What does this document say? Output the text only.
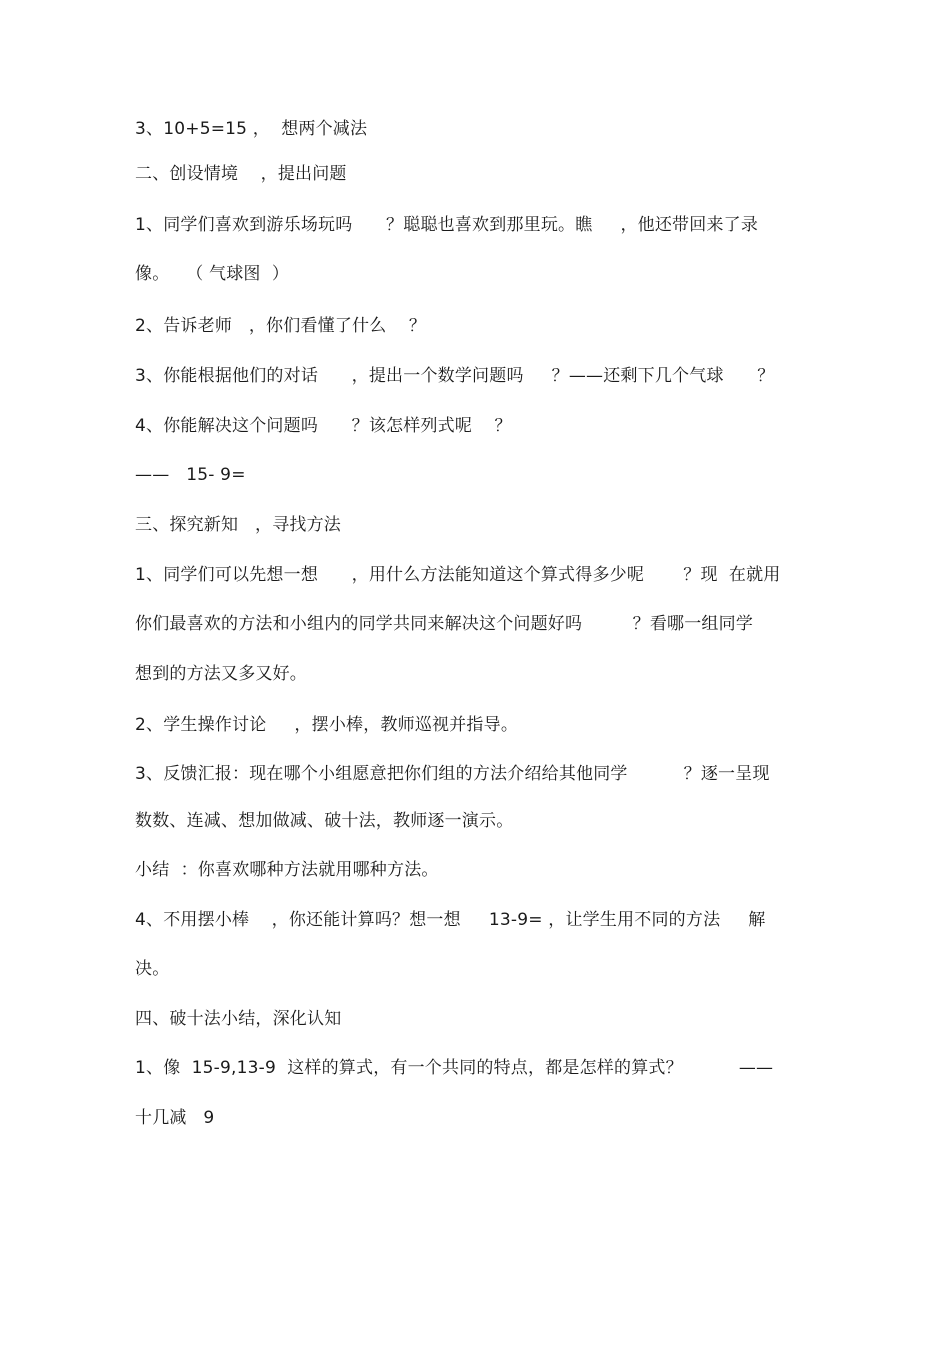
3、10+5=15 ，  想两个减法
二、创设情境    ，提出问题
1、同学们喜欢到游乐场玩吗      ？聪聪也喜欢到那里玩。瞧     ，他还带回来了录
像。   （ 气球图  ）
2、告诉老师   ，你们看懂了什么    ？
3、你能根据他们的对话      ，提出一个数学问题吗     ？——还剩下几个气球      ？
4、你能解决这个问题吗      ？该怎样列式呢    ？
——   15- 9=
三、探究新知   ，寻找方法
1、同学们可以先想一想      ，用什么方法能知道这个算式得多少呢       ？现  在就用
你们最喜欢的方法和小组内的同学共同来解决这个问题好吗         ？看哪一组同学
想到的方法又多又好。
2、学生操作讨论     ，摆小棒，教师巡视并指导。
3、反馈汇报：现在哪个小组愿意把你们组的方法介绍给其他同学          ？逐一呈现
数数、连减、想加做减、破十法，教师逐一演示。
小结  ：你喜欢哪种方法就用哪种方法。
4、不用摆小棒    ，你还能计算吗？想一想     13-9= ，让学生用不同的方法     解
决。
四、破十法小结，深化认知
1、像  15-9,13-9  这样的算式，有一个共同的特点，都是怎样的算式？          ——
十几减   9
